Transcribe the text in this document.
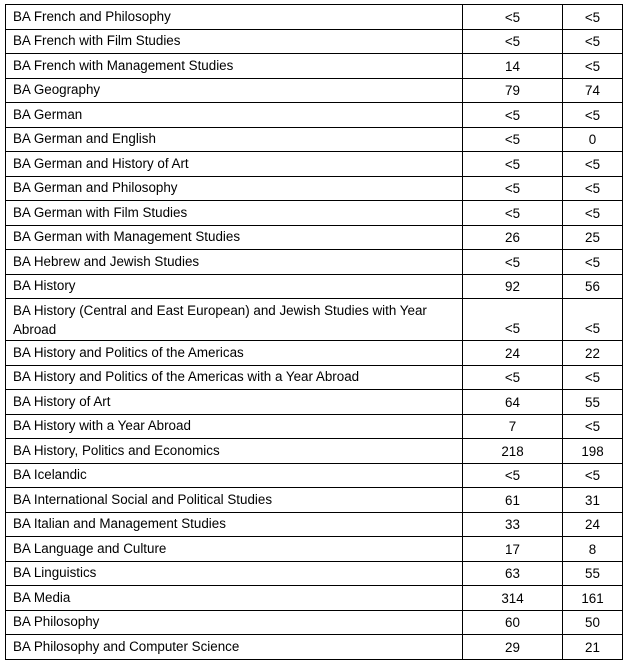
BA French and Philosophy	<5	<5
BA French with Film Studies	<5	<5
BA French with Management Studies	14	<5
BA Geography	79	74
BA German	<5	<5
BA German and English	<5	0
BA German and History of Art	<5	<5
BA German and Philosophy	<5	<5
BA German with Film Studies	<5	<5
BA German with Management Studies	26	25
BA Hebrew and Jewish Studies	<5	<5
BA History	92	56
BA History (Central and East European) and Jewish Studies with Year Abroad	<5	<5
BA History and Politics of the Americas	24	22
BA History and Politics of the Americas with a Year Abroad	<5	<5
BA History of Art	64	55
BA History with a Year Abroad	7	<5
BA History, Politics and Economics	218	198
BA Icelandic	<5	<5
BA International Social and Political Studies	61	31
BA Italian and Management Studies	33	24
BA Language and Culture	17	8
BA Linguistics	63	55
BA Media	314	161
BA Philosophy	60	50
BA Philosophy and Computer Science	29	21
